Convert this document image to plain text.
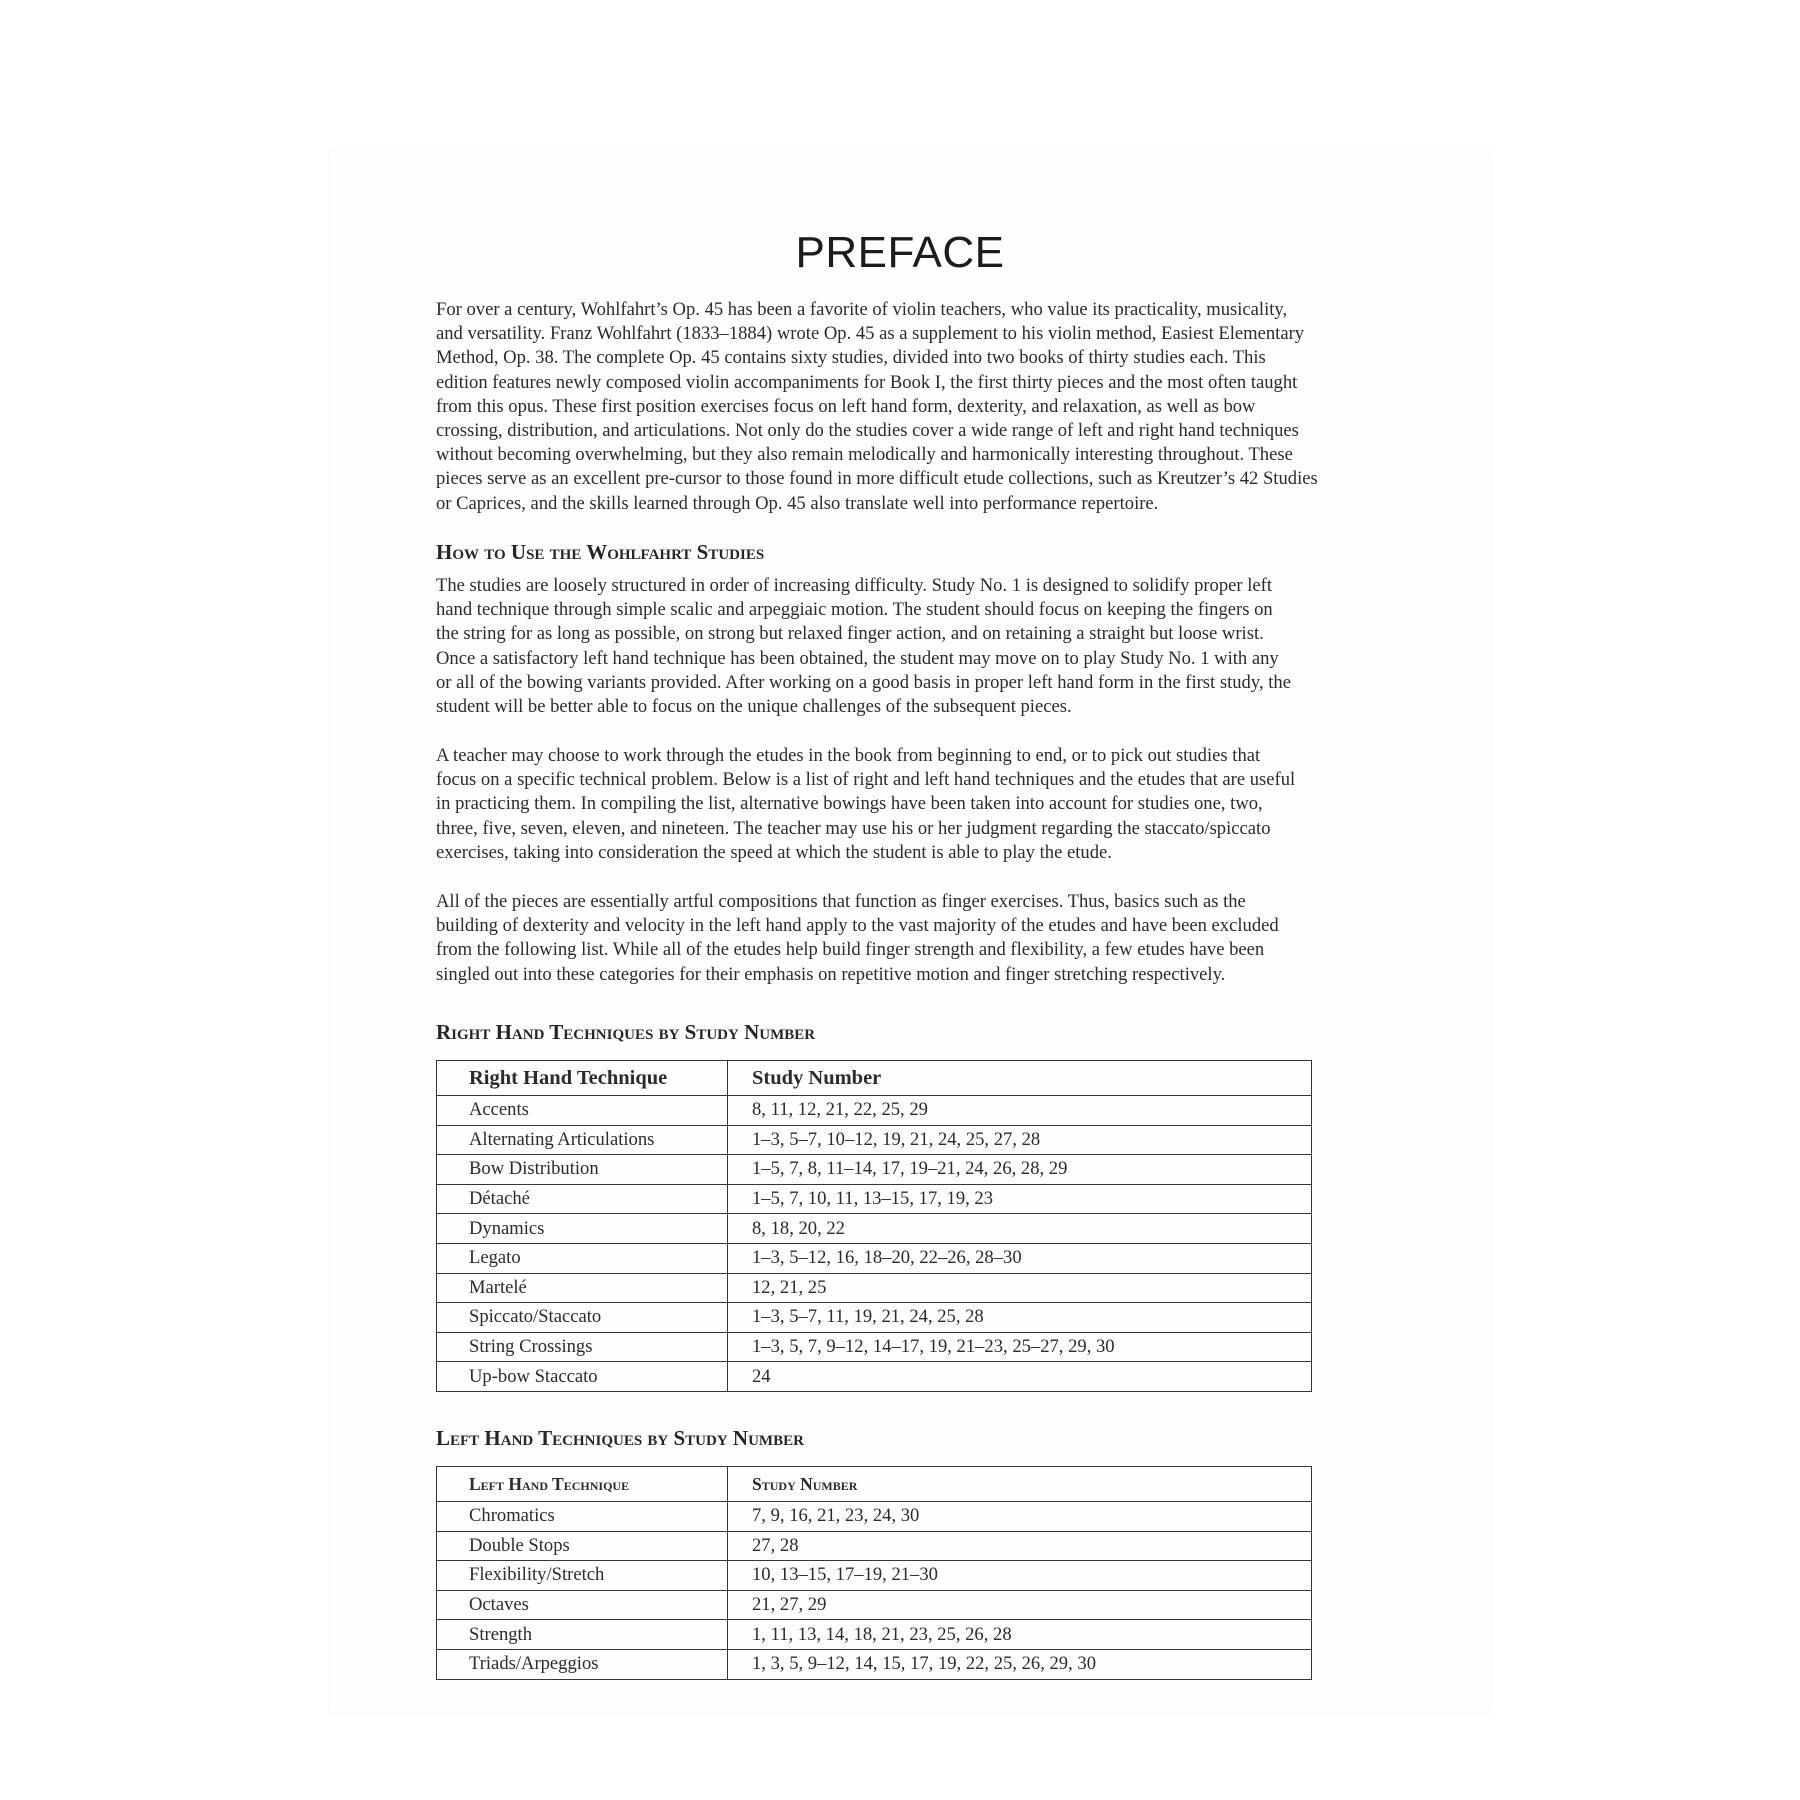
PREFACE
For over a century, Wohlfahrt’s Op. 45 has been a favorite of violin teachers, who value its practicality, musicality,
and versatility. Franz Wohlfahrt (1833–1884) wrote Op. 45 as a supplement to his violin method, Easiest Elementary
Method, Op. 38. The complete Op. 45 contains sixty studies, divided into two books of thirty studies each. This
edition features newly composed violin accompaniments for Book I, the first thirty pieces and the most often taught
from this opus. These first position exercises focus on left hand form, dexterity, and relaxation, as well as bow
crossing, distribution, and articulations. Not only do the studies cover a wide range of left and right hand techniques
without becoming overwhelming, but they also remain melodically and harmonically interesting throughout. These
pieces serve as an excellent pre-cursor to those found in more difficult etude collections, such as Kreutzer’s 42 Studies
or Caprices, and the skills learned through Op. 45 also translate well into performance repertoire.
How to Use the Wohlfahrt Studies
The studies are loosely structured in order of increasing difficulty. Study No. 1 is designed to solidify proper left
hand technique through simple scalic and arpeggiaic motion. The student should focus on keeping the fingers on
the string for as long as possible, on strong but relaxed finger action, and on retaining a straight but loose wrist.
Once a satisfactory left hand technique has been obtained, the student may move on to play Study No. 1 with any
or all of the bowing variants provided. After working on a good basis in proper left hand form in the first study, the
student will be better able to focus on the unique challenges of the subsequent pieces.
A teacher may choose to work through the etudes in the book from beginning to end, or to pick out studies that
focus on a specific technical problem. Below is a list of right and left hand techniques and the etudes that are useful
in practicing them. In compiling the list, alternative bowings have been taken into account for studies one, two,
three, five, seven, eleven, and nineteen. The teacher may use his or her judgment regarding the staccato/spiccato
exercises, taking into consideration the speed at which the student is able to play the etude.
All of the pieces are essentially artful compositions that function as finger exercises. Thus, basics such as the
building of dexterity and velocity in the left hand apply to the vast majority of the etudes and have been excluded
from the following list. While all of the etudes help build finger strength and flexibility, a few etudes have been
singled out into these categories for their emphasis on repetitive motion and finger stretching respectively.
Right Hand Techniques by Study Number
Right Hand Technique	Study Number
Accents	8, 11, 12, 21, 22, 25, 29
Alternating Articulations	1–3, 5–7, 10–12, 19, 21, 24, 25, 27, 28
Bow Distribution	1–5, 7, 8, 11–14, 17, 19–21, 24, 26, 28, 29
Détaché	1–5, 7, 10, 11, 13–15, 17, 19, 23
Dynamics	8, 18, 20, 22
Legato	1–3, 5–12, 16, 18–20, 22–26, 28–30
Martelé	12, 21, 25
Spiccato/Staccato	1–3, 5–7, 11, 19, 21, 24, 25, 28
String Crossings	1–3, 5, 7, 9–12, 14–17, 19, 21–23, 25–27, 29, 30
Up-bow Staccato	24
Left Hand Techniques by Study Number
Left Hand Technique	Study Number
Chromatics	7, 9, 16, 21, 23, 24, 30
Double Stops	27, 28
Flexibility/Stretch	10, 13–15, 17–19, 21–30
Octaves	21, 27, 29
Strength	1, 11, 13, 14, 18, 21, 23, 25, 26, 28
Triads/Arpeggios	1, 3, 5, 9–12, 14, 15, 17, 19, 22, 25, 26, 29, 30
